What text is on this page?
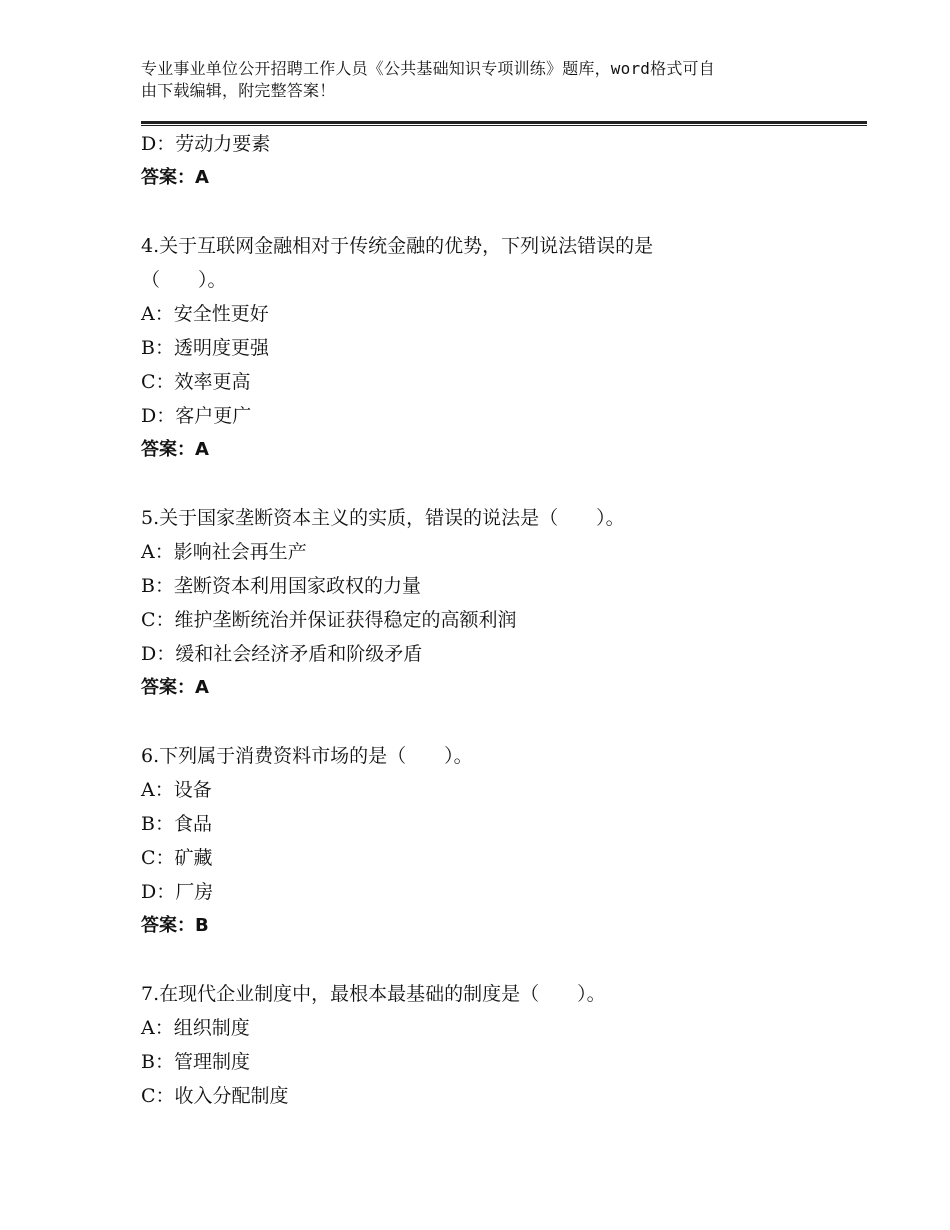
专业事业单位公开招聘工作人员《公共基础知识专项训练》题库，word格式可自
由下载编辑，附完整答案！
D：劳动力要素
答案：A
4.关于互联网金融相对于传统金融的优势，下列说法错误的是
（　　）。
A：安全性更好
B：透明度更强
C：效率更高
D：客户更广
答案：A
5.关于国家垄断资本主义的实质，错误的说法是（　　）。
A：影响社会再生产
B：垄断资本利用国家政权的力量
C：维护垄断统治并保证获得稳定的高额利润
D：缓和社会经济矛盾和阶级矛盾
答案：A
6.下列属于消费资料市场的是（　　）。
A：设备
B：食品
C：矿藏
D：厂房
答案：B
7.在现代企业制度中，最根本最基础的制度是（　　）。
A：组织制度
B：管理制度
C：收入分配制度
